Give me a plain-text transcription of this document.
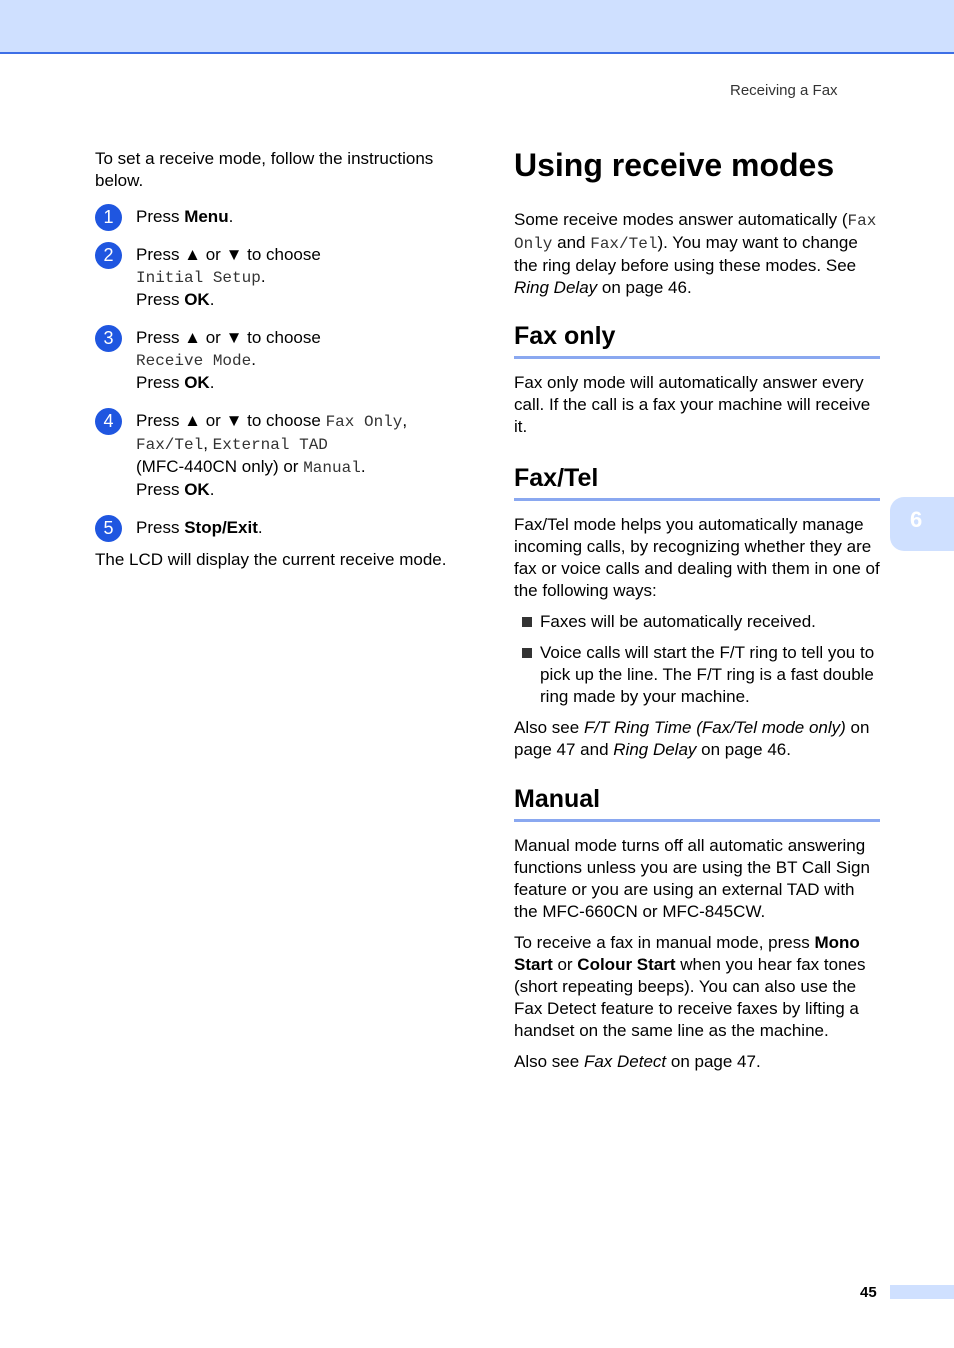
Receiving a Fax

To set a receive mode, follow the instructions below.

1	Press Menu.
2	Press ▲ or ▼ to choose
Initial Setup.
Press OK.
3	Press ▲ or ▼ to choose
Receive Mode.
Press OK.
4	Press ▲ or ▼ to choose Fax Only,
Fax/Tel, External TAD
(MFC-440CN only) or Manual.
Press OK.
5	Press Stop/Exit.

The LCD will display the current receive mode.

Using receive modes

Some receive modes answer automatically (Fax Only and Fax/Tel). You may want to change the ring delay before using these modes. See Ring Delay on page 46.

Fax only

Fax only mode will automatically answer every call. If the call is a fax your machine will receive it.

Fax/Tel

Fax/Tel mode helps you automatically manage incoming calls, by recognizing whether they are fax or voice calls and dealing with them in one of the following ways:

Faxes will be automatically received.
Voice calls will start the F/T ring to tell you to pick up the line. The F/T ring is a fast double ring made by your machine.

Also see F/T Ring Time (Fax/Tel mode only) on page 47 and Ring Delay on page 46.

Manual

Manual mode turns off all automatic answering functions unless you are using the BT Call Sign feature or you are using an external TAD with the MFC-660CN or MFC-845CW.

To receive a fax in manual mode, press Mono Start or Colour Start when you hear fax tones (short repeating beeps). You can also use the Fax Detect feature to receive faxes by lifting a handset on the same line as the machine.

Also see Fax Detect on page 47.

6
45
